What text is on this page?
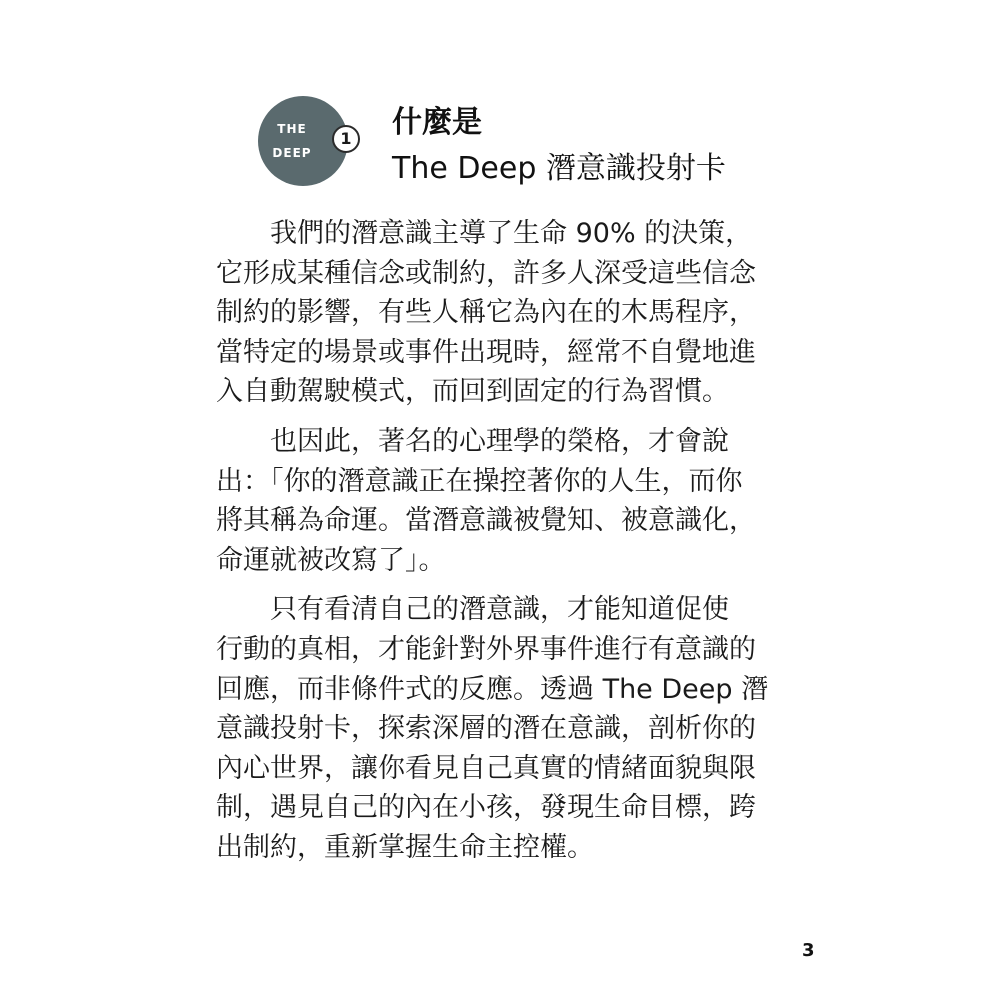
THE
DEEP
1 什麼是
The Deep 潛意識投射卡

我們的潛意識主導了生命 90% 的決策，
它形成某種信念或制約，許多人深受這些信念
制約的影響，有些人稱它為內在的木馬程序，
當特定的場景或事件出現時，經常不自覺地進
入自動駕駛模式，而回到固定的行為習慣。

也因此，著名的心理學的榮格，才會說
出：「你的潛意識正在操控著你的人生，而你
將其稱為命運。當潛意識被覺知、被意識化，
命運就被改寫了」。

只有看清自己的潛意識，才能知道促使
行動的真相，才能針對外界事件進行有意識的
回應，而非條件式的反應。透過 The Deep 潛
意識投射卡，探索深層的潛在意識，剖析你的
內心世界，讓你看見自己真實的情緒面貌與限
制，遇見自己的內在小孩，發現生命目標，跨
出制約，重新掌握生命主控權。

3
